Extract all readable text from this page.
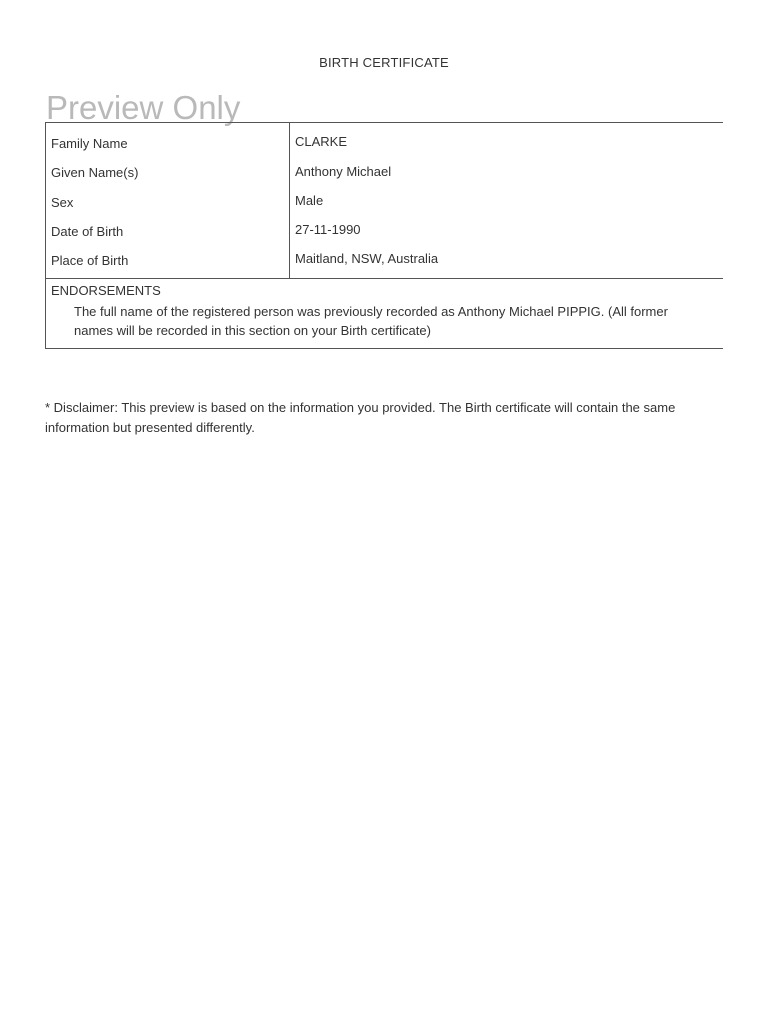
BIRTH CERTIFICATE
Preview Only
Family Name	CLARKE
Given Name(s)	Anthony Michael
Sex	Male
Date of Birth	27-11-1990
Place of Birth	Maitland, NSW, Australia
ENDORSEMENTS
The full name of the registered person was previously recorded as Anthony Michael PIPPIG. (All former names will be recorded in this section on your Birth certificate)
* Disclaimer: This preview is based on the information you provided. The Birth certificate will contain the same information but presented differently.
